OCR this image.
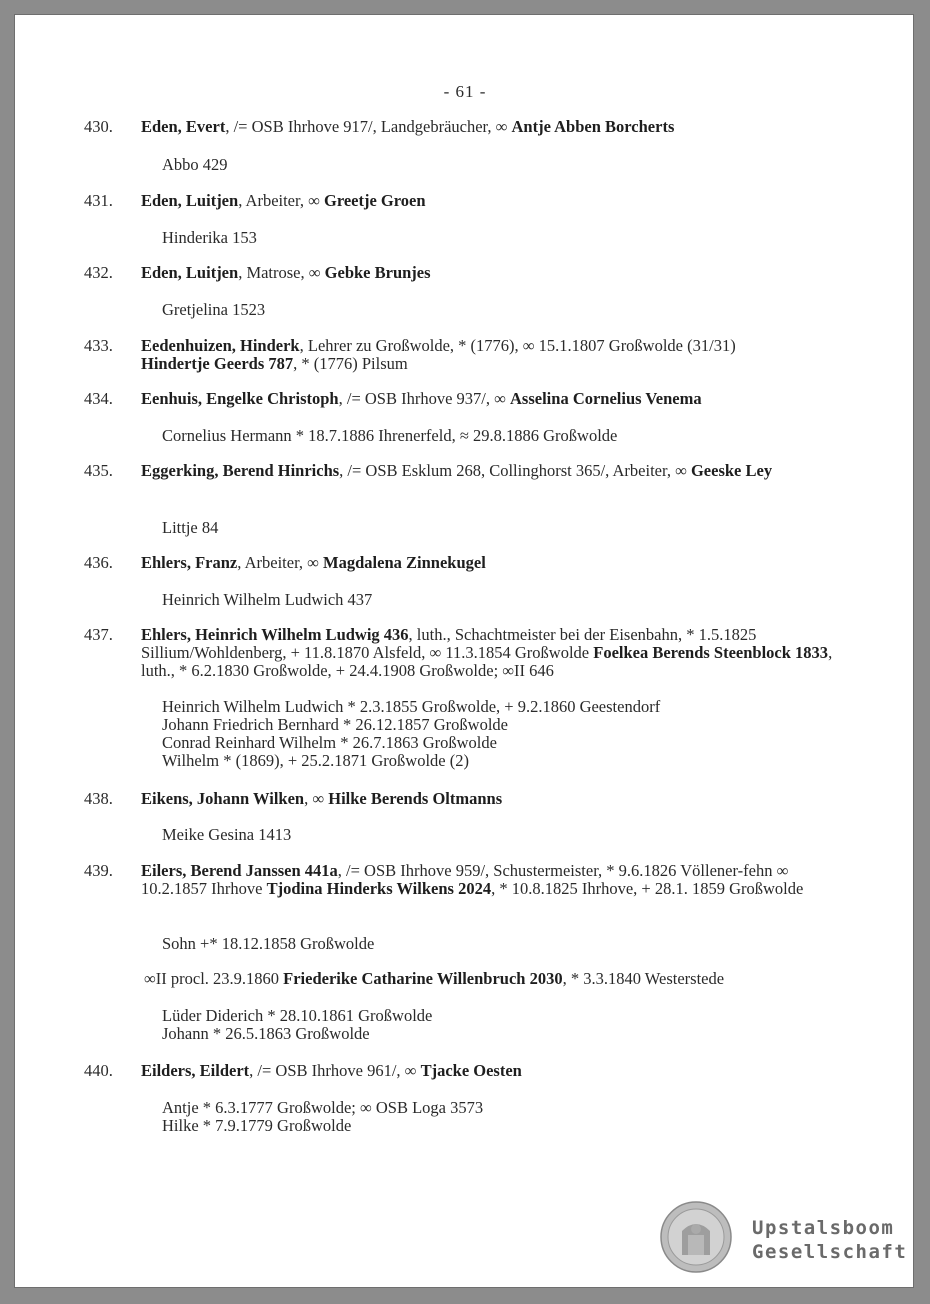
- 61 -
430. Eden, Evert, /= OSB Ihrhove 917/, Landgebräucher, ∞ Antje Abben Borcherts
Abbo 429
431. Eden, Luitjen, Arbeiter, ∞ Greetje Groen
Hinderika 153
432. Eden, Luitjen, Matrose, ∞ Gebke Brunjes
Gretjelina 1523
433. Eedenhuizen, Hinderk, Lehrer zu Großwolde, * (1776), ∞ 15.1.1807 Großwolde (31/31)
Hindertje Geerds 787, * (1776) Pilsum
434. Eenhuis, Engelke Christoph, /= OSB Ihrhove 937/, ∞ Asselina Cornelius Venema
Cornelius Hermann * 18.7.1886 Ihrenerfeld, ≈ 29.8.1886 Großwolde
435. Eggerking, Berend Hinrichs, /= OSB Esklum 268, Collinghorst 365/, Arbeiter, ∞ Geeske Ley
Littje 84
436. Ehlers, Franz, Arbeiter, ∞ Magdalena Zinnekugel
Heinrich Wilhelm Ludwich 437
437. Ehlers, Heinrich Wilhelm Ludwig 436, luth., Schachtmeister bei der Eisenbahn, * 1.5.1825 Sillium/Wohldenberg, + 11.8.1870 Alsfeld, ∞ 11.3.1854 Großwolde Foelkea Berends Steenblock 1833, luth., * 6.2.1830 Großwolde, + 24.4.1908 Großwolde; ∞II 646
Heinrich Wilhelm Ludwich * 2.3.1855 Großwolde, + 9.2.1860 Geestendorf
Johann Friedrich Bernhard * 26.12.1857 Großwolde
Conrad Reinhard Wilhelm * 26.7.1863 Großwolde
Wilhelm * (1869), + 25.2.1871 Großwolde (2)
438. Eikens, Johann Wilken, ∞ Hilke Berends Oltmanns
Meike Gesina 1413
439. Eilers, Berend Janssen 441a, /= OSB Ihrhove 959/, Schustermeister, * 9.6.1826 Völlener-fehn ∞ 10.2.1857 Ihrhove Tjodina Hinderks Wilkens 2024, * 10.8.1825 Ihrhove, + 28.1. 1859 Großwolde
Sohn +* 18.12.1858 Großwolde
∞II procl. 23.9.1860 Friederike Catharine Willenbruch 2030, * 3.3.1840 Westerstede
Lüder Diderich * 28.10.1861 Großwolde
Johann * 26.5.1863 Großwolde
440. Eilders, Eildert, /= OSB Ihrhove 961/, ∞ Tjacke Oesten
Antje * 6.3.1777 Großwolde; ∞ OSB Loga 3573
Hilke * 7.9.1779 Großwolde
Upstalsboom
Gesellschaft
